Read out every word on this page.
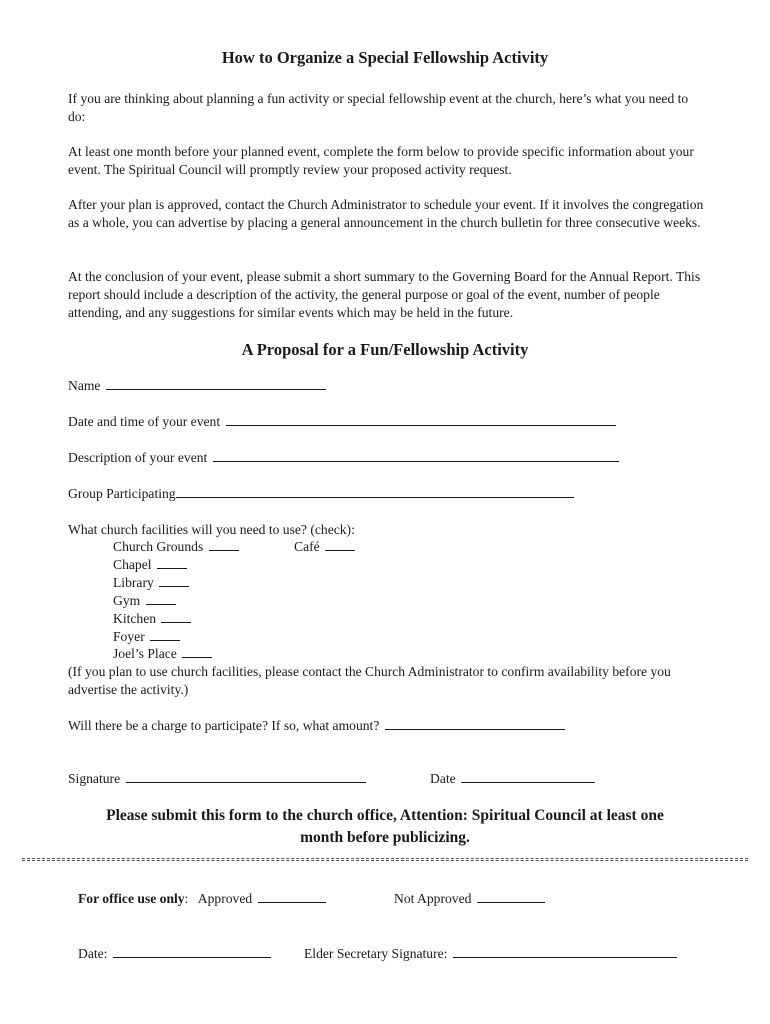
How to Organize a Special Fellowship Activity
If you are thinking about planning a fun activity or special fellowship event at the church, here’s what you need to do:
At least one month before your planned event, complete the form below to provide specific information about your event. The Spiritual Council will promptly review your proposed activity request.
After your plan is approved, contact the Church Administrator to schedule your event. If it involves the congregation as a whole, you can advertise by placing a general announcement in the church bulletin for three consecutive weeks.
At the conclusion of your event, please submit a short summary to the Governing Board for the Annual Report. This report should include a description of the activity, the general purpose or goal of the event, number of people attending, and any suggestions for similar events which may be held in the future.
A Proposal for a Fun/Fellowship Activity
Name
Date and time of your event
Description of your event
Group Participating
What church facilities will you need to use? (check):
Church Grounds	Café
Chapel
Library
Gym
Kitchen
Foyer
Joel’s Place
(If you plan to use church facilities, please contact the Church Administrator to confirm availability before you advertise the activity.)
Will there be a charge to participate? If so, what amount?
Signature	Date
Please submit this form to the church office, Attention: Spiritual Council at least one
month before publicizing.
For office use only: Approved	Not Approved
Date:	Elder Secretary Signature:
